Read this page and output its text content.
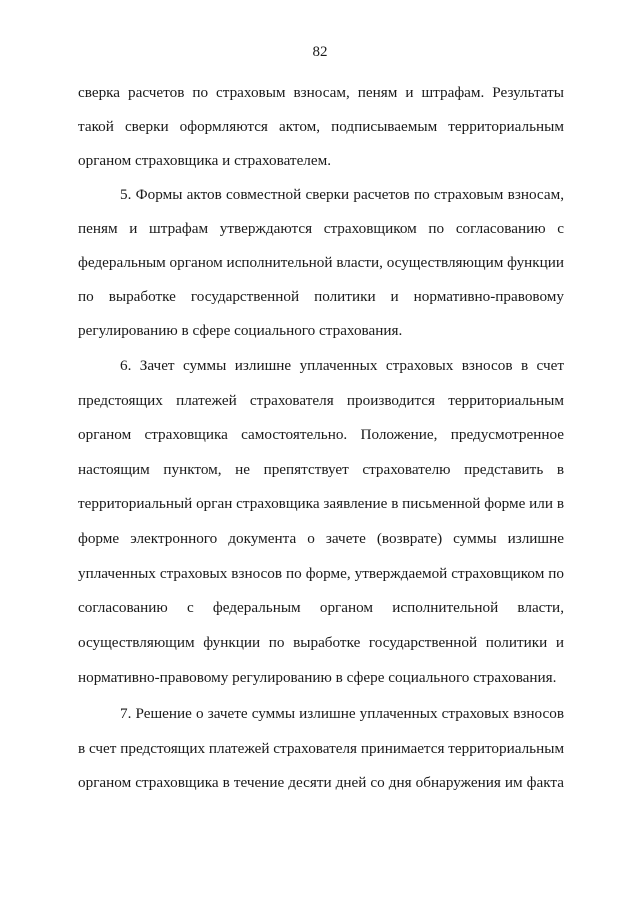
82
сверка расчетов по страховым взносам, пеням и штрафам. Результаты
такой сверки оформляются актом, подписываемым территориальным
органом страховщика и страхователем.
5. Формы актов совместной сверки расчетов по страховым взносам,
пеням и штрафам утверждаются страховщиком по согласованию с
федеральным органом исполнительной власти, осуществляющим функции
по выработке государственной политики и нормативно-правовому
регулированию в сфере социального страхования.
6. Зачет суммы излишне уплаченных страховых взносов в счет
предстоящих платежей страхователя производится территориальным
органом страховщика самостоятельно. Положение, предусмотренное
настоящим пунктом, не препятствует страхователю представить в
территориальный орган страховщика заявление в письменной форме или в
форме электронного документа о зачете (возврате) суммы излишне
уплаченных страховых взносов по форме, утверждаемой страховщиком по
согласованию с федеральным органом исполнительной власти,
осуществляющим функции по выработке государственной политики и
нормативно-правовому регулированию в сфере социального страхования.
7. Решение о зачете суммы излишне уплаченных страховых взносов
в счет предстоящих платежей страхователя принимается территориальным
органом страховщика в течение десяти дней со дня обнаружения им факта
